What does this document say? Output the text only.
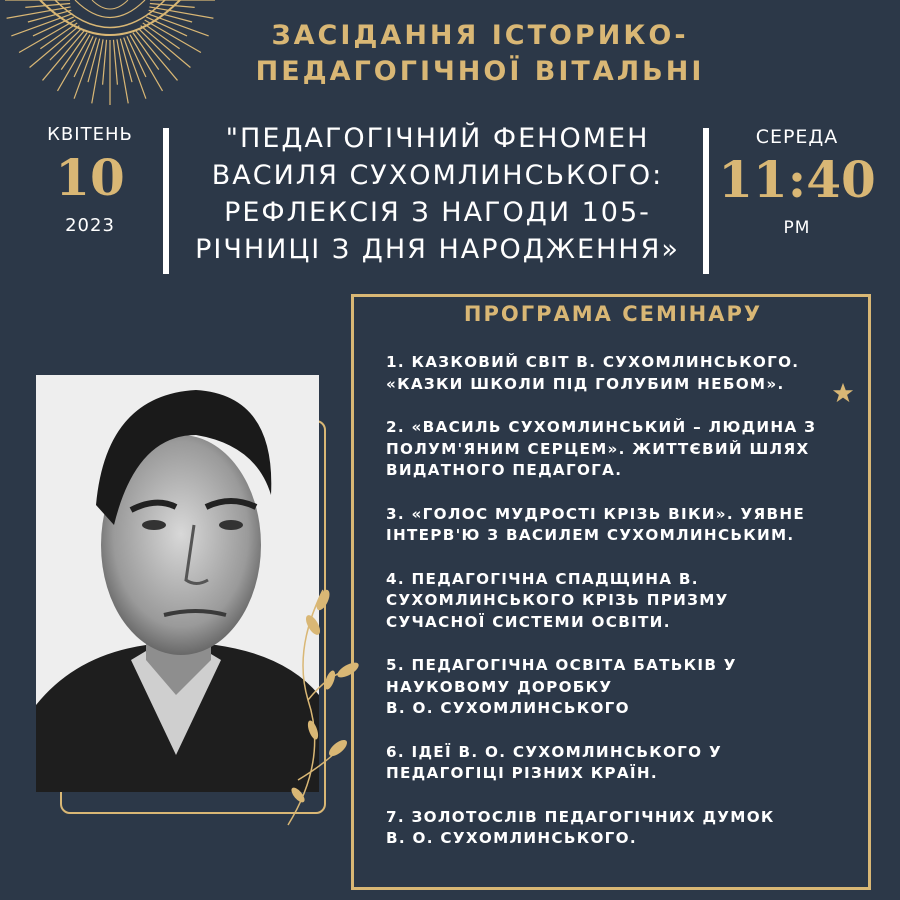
ЗАСІДАННЯ ІСТОРИКО-
ПЕДАГОГІЧНОЇ ВІТАЛЬНІ
КВІТЕНЬ
10
2023
"ПЕДАГОГІЧНИЙ ФЕНОМЕН
ВАСИЛЯ СУХОМЛИНСЬКОГО:
РЕФЛЕКСІЯ З НАГОДИ 105-
РІЧНИЦІ З ДНЯ НАРОДЖЕННЯ»
СЕРЕДА
11:40
PM
ПРОГРАМА СЕМІНАРУ
1. КАЗКОВИЙ СВІТ В. СУХОМЛИНСЬКОГО.
«КАЗКИ ШКОЛИ ПІД ГОЛУБИМ НЕБОМ».
2. «ВАСИЛЬ СУХОМЛИНСЬКИЙ – ЛЮДИНА З
ПОЛУМ'ЯНИМ СЕРЦЕМ». ЖИТТЄВИЙ ШЛЯХ
ВИДАТНОГО ПЕДАГОГА.
3. «ГОЛОС МУДРОСТІ КРІЗЬ ВІКИ». УЯВНЕ
ІНТЕРВ'Ю З ВАСИЛЕМ СУХОМЛИНСЬКИМ.
4. ПЕДАГОГІЧНА СПАДЩИНА В.
СУХОМЛИНСЬКОГО КРІЗЬ ПРИЗМУ
СУЧАСНОЇ СИСТЕМИ ОСВІТИ.
5. ПЕДАГОГІЧНА ОСВІТА БАТЬКІВ У
НАУКОВОМУ ДОРОБКУ
В. О. СУХОМЛИНСЬКОГО
6. ІДЕЇ В. О. СУХОМЛИНСЬКОГО У
ПЕДАГОГІЦІ РІЗНИХ КРАЇН.
7. ЗОЛОТОСЛІВ ПЕДАГОГІЧНИХ ДУМОК
В. О. СУХОМЛИНСЬКОГО.
